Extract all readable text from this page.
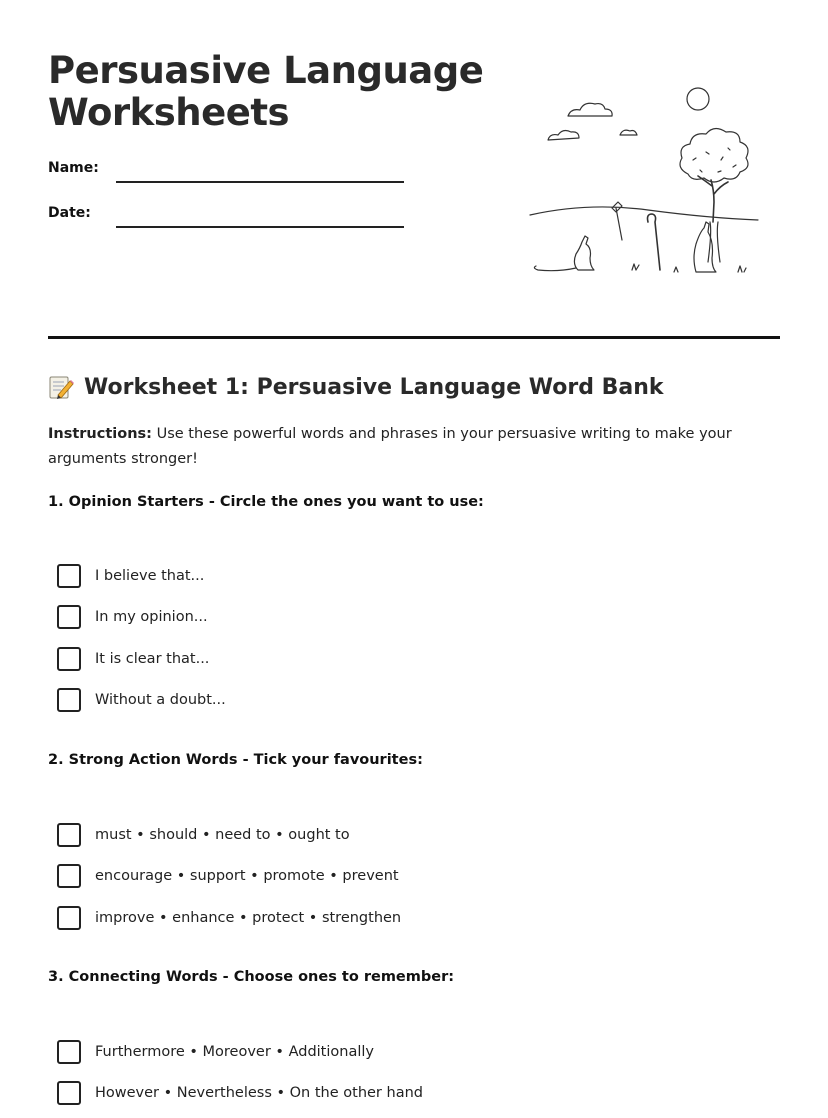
Persuasive Language
Worksheets
Name:
Date:
Worksheet 1: Persuasive Language Word Bank

Instructions: Use these powerful words and phrases in your persuasive writing to make your arguments stronger!

1. Opinion Starters - Circle the ones you want to use:
I believe that...
In my opinion...
It is clear that...
Without a doubt...
2. Strong Action Words - Tick your favourites:
must • should • need to • ought to
encourage • support • promote • prevent
improve • enhance • protect • strengthen
3. Connecting Words - Choose ones to remember:
Furthermore • Moreover • Additionally
However • Nevertheless • On the other hand
